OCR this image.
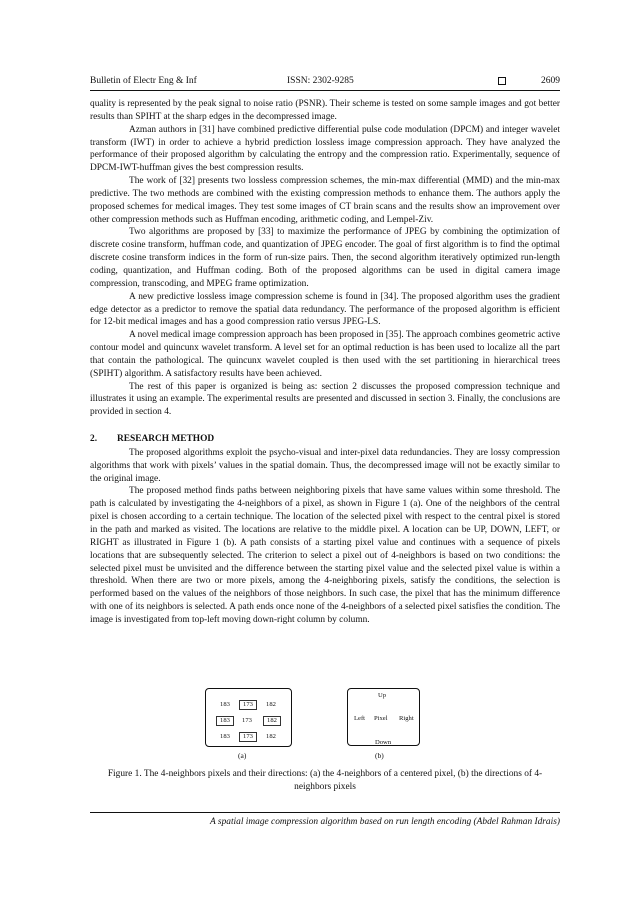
Bulletin of Electr Eng & Inf	ISSN: 2302-9285	2609

quality is represented by the peak signal to noise ratio (PSNR). Their scheme is tested on some sample images and got better results than SPIHT at the sharp edges in the decompressed image.

Azman authors in [31] have combined predictive differential pulse code modulation (DPCM) and integer wavelet transform (IWT) in order to achieve a hybrid prediction lossless image compression approach. They have analyzed the performance of their proposed algorithm by calculating the entropy and the compression ratio. Experimentally, sequence of DPCM-IWT-huffman gives the best compression results.

The work of [32] presents two lossless compression schemes, the min-max differential (MMD) and the min-max predictive. The two methods are combined with the existing compression methods to enhance them. The authors apply the proposed schemes for medical images. They test some images of CT brain scans and the results show an improvement over other compression methods such as Huffman encoding, arithmetic coding, and Lempel-Ziv.

Two algorithms are proposed by [33] to maximize the performance of JPEG by combining the optimization of discrete cosine transform, huffman code, and quantization of JPEG encoder. The goal of first algorithm is to find the optimal discrete cosine transform indices in the form of run-size pairs. Then, the second algorithm iteratively optimized run-length coding, quantization, and Huffman coding. Both of the proposed algorithms can be used in digital camera image compression, transcoding, and MPEG frame optimization.

A new predictive lossless image compression scheme is found in [34]. The proposed algorithm uses the gradient edge detector as a predictor to remove the spatial data redundancy. The performance of the proposed algorithm is efficient for 12-bit medical images and has a good compression ratio versus JPEG-LS.

A novel medical image compression approach has been proposed in [35]. The approach combines geometric active contour model and quincunx wavelet transform. A level set for an optimal reduction is has been used to localize all the part that contain the pathological. The quincunx wavelet coupled is then used with the set partitioning in hierarchical trees (SPIHT) algorithm. A satisfactory results have been achieved.

The rest of this paper is organized is being as: section 2 discusses the proposed compression technique and illustrates it using an example. The experimental results are presented and discussed in section 3. Finally, the conclusions are provided in section 4.

2. RESEARCH METHOD

The proposed algorithms exploit the psycho-visual and inter-pixel data redundancies. They are lossy compression algorithms that work with pixels’ values in the spatial domain. Thus, the decompressed image will not be exactly similar to the original image.

The proposed method finds paths between neighboring pixels that have same values within some threshold. The path is calculated by investigating the 4-neighbors of a pixel, as shown in Figure 1 (a). One of the neighbors of the central pixel is chosen according to a certain technique. The location of the selected pixel with respect to the central pixel is stored in the path and marked as visited. The locations are relative to the middle pixel. A location can be UP, DOWN, LEFT, or RIGHT as illustrated in Figure 1 (b). A path consists of a starting pixel value and continues with a sequence of pixels locations that are subsequently selected. The criterion to select a pixel out of 4-neighbors is based on two conditions: the selected pixel must be unvisited and the difference between the starting pixel value and the selected pixel value is within a threshold. When there are two or more pixels, among the 4-neighboring pixels, satisfy the conditions, the selection is performed based on the values of the neighbors of those neighbors. In such case, the pixel that has the minimum difference with one of its neighbors is selected. A path ends once none of the 4-neighbors of a selected pixel satisfies the condition. The image is investigated from top-left moving down-right column by column.

183	173	182
183	173	182
183	173	182
Up
Left Pixel Right
Down
(a)	(b)
Figure 1. The 4-neighbors pixels and their directions: (a) the 4-neighbors of a centered pixel, (b) the directions of 4-neighbors pixels
A spatial image compression algorithm based on run length encoding (Abdel Rahman Idrais)
